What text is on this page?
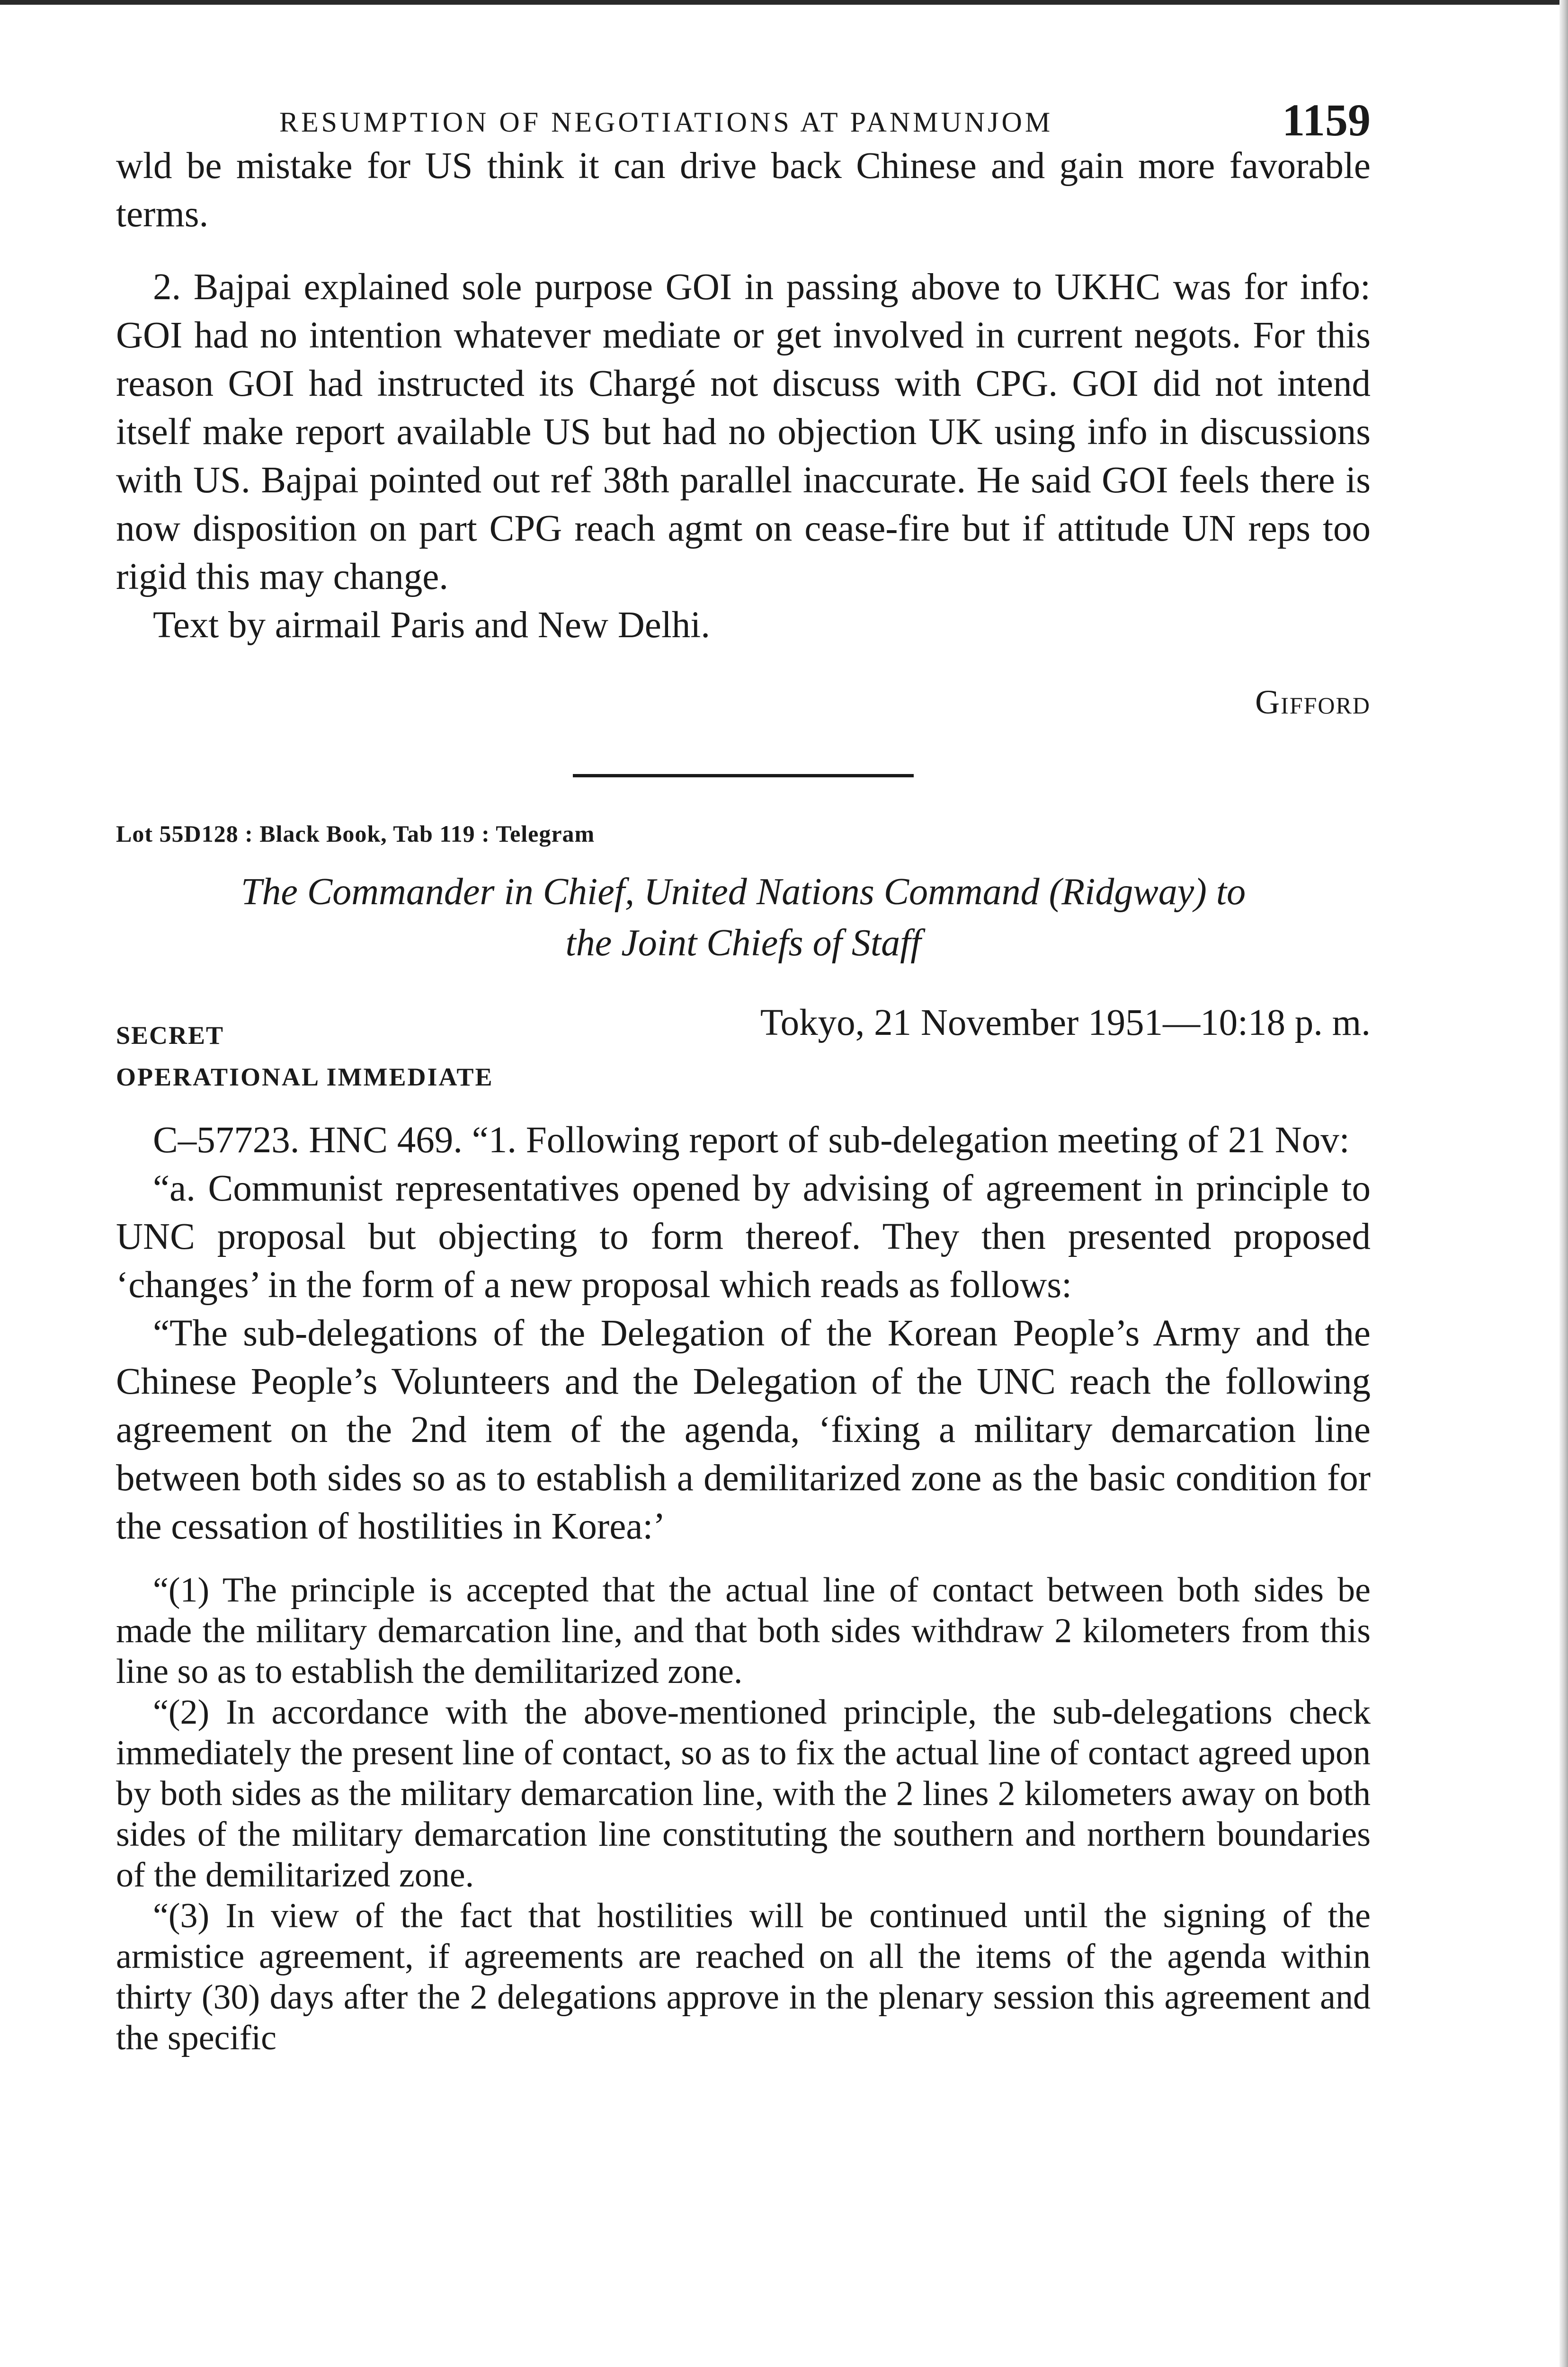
RESUMPTION OF NEGOTIATIONS AT PANMUNJOM	1159

wld be mistake for US think it can drive back Chinese and gain more favorable terms.

2. Bajpai explained sole purpose GOI in passing above to UKHC was for info: GOI had no intention whatever mediate or get involved in current negots. For this reason GOI had instructed its Chargé not discuss with CPG. GOI did not intend itself make report available US but had no objection UK using info in discussions with US. Bajpai pointed out ref 38th parallel inaccurate. He said GOI feels there is now disposition on part CPG reach agmt on cease-fire but if attitude UN reps too rigid this may change.

Text by airmail Paris and New Delhi.

Gifford
Lot 55D128 : Black Book, Tab 119 : Telegram
The Commander in Chief, United Nations Command (Ridgway) to
the Joint Chiefs of Staff
SECRET	Tokyo, 21 November 1951—10:18 p. m.
OPERATIONAL IMMEDIATE

C–57723. HNC 469. “1. Following report of sub-delegation meeting of 21 Nov:

“a. Communist representatives opened by advising of agreement in principle to UNC proposal but objecting to form thereof. They then presented proposed ‘changes’ in the form of a new proposal which reads as follows:

“The sub-delegations of the Delegation of the Korean People’s Army and the Chinese People’s Volunteers and the Delegation of the UNC reach the following agreement on the 2nd item of the agenda, ‘fixing a military demarcation line between both sides so as to establish a demilitarized zone as the basic condition for the cessation of hostilities in Korea:’

“(1) The principle is accepted that the actual line of contact between both sides be made the military demarcation line, and that both sides withdraw 2 kilometers from this line so as to establish the demilitarized zone.

“(2) In accordance with the above-mentioned principle, the sub-delegations check immediately the present line of contact, so as to fix the actual line of contact agreed upon by both sides as the military demarcation line, with the 2 lines 2 kilometers away on both sides of the military demarcation line constituting the southern and northern boundaries of the demilitarized zone.

“(3) In view of the fact that hostilities will be continued until the signing of the armistice agreement, if agreements are reached on all the items of the agenda within thirty (30) days after the 2 delegations approve in the plenary session this agreement and the specific
